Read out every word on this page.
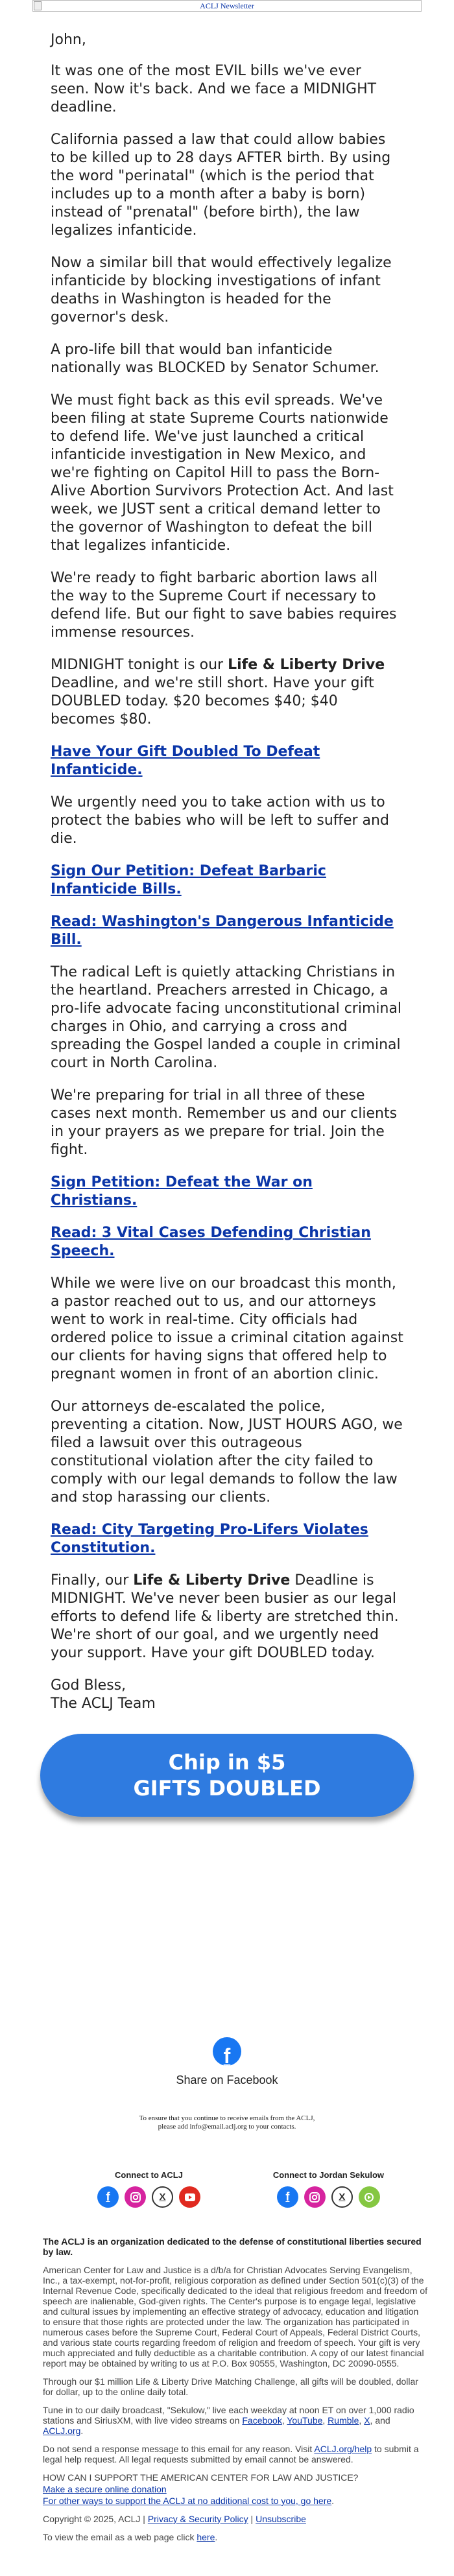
ACLJ Newsletter

John,

It was one of the most EVIL bills we've ever seen. Now it's back. And we face a MIDNIGHT deadline.

California passed a law that could allow babies to be killed up to 28 days AFTER birth. By using the word "perinatal" (which is the period that includes up to a month after a baby is born) instead of "prenatal" (before birth), the law legalizes infanticide.

Now a similar bill that would effectively legalize infanticide by blocking investigations of infant deaths in Washington is headed for the governor's desk.

A pro-life bill that would ban infanticide nationally was BLOCKED by Senator Schumer.

We must fight back as this evil spreads. We've been filing at state Supreme Courts nationwide to defend life. We've just launched a critical infanticide investigation in New Mexico, and we're fighting on Capitol Hill to pass the Born-Alive Abortion Survivors Protection Act. And last week, we JUST sent a critical demand letter to the governor of Washington to defeat the bill that legalizes infanticide.

We're ready to fight barbaric abortion laws all the way to the Supreme Court if necessary to defend life. But our fight to save babies requires immense resources.

MIDNIGHT tonight is our Life & Liberty Drive Deadline, and we're still short. Have your gift DOUBLED today. $20 becomes $40; $40 becomes $80.

Have Your Gift Doubled To Defeat Infanticide.

We urgently need you to take action with us to protect the babies who will be left to suffer and die.

Sign Our Petition: Defeat Barbaric Infanticide Bills.

Read: Washington's Dangerous Infanticide Bill.

The radical Left is quietly attacking Christians in the heartland. Preachers arrested in Chicago, a pro-life advocate facing unconstitutional criminal charges in Ohio, and carrying a cross and spreading the Gospel landed a couple in criminal court in North Carolina.

We're preparing for trial in all three of these cases next month. Remember us and our clients in your prayers as we prepare for trial. Join the fight.

Sign Petition: Defeat the War on Christians.

Read: 3 Vital Cases Defending Christian Speech.

While we were live on our broadcast this month, a pastor reached out to us, and our attorneys went to work in real-time. City officials had ordered police to issue a criminal citation against our clients for having signs that offered help to pregnant women in front of an abortion clinic.

Our attorneys de-escalated the police, preventing a citation. Now, JUST HOURS AGO, we filed a lawsuit over this outrageous constitutional violation after the city failed to comply with our legal demands to follow the law and stop harassing our clients.

Read: City Targeting Pro-Lifers Violates Constitution.

Finally, our Life & Liberty Drive Deadline is MIDNIGHT. We've never been busier as our legal efforts to defend life & liberty are stretched thin. We're short of our goal, and we urgently need your support. Have your gift DOUBLED today.

God Bless,
The ACLJ Team

Chip in $5
GIFTS DOUBLED
f
Share on Facebook
To ensure that you continue to receive emails from the ACLJ,
please add info@email.aclj.org to your contacts.
Connect to ACLJ
f	X
Connect to Jordan Sekulow
f	X

The ACLJ is an organization dedicated to the defense of constitutional liberties secured by law.

American Center for Law and Justice is a d/b/a for Christian Advocates Serving Evangelism, Inc., a tax-exempt, not-for-profit, religious corporation as defined under Section 501(c)(3) of the Internal Revenue Code, specifically dedicated to the ideal that religious freedom and freedom of speech are inalienable, God-given rights. The Center's purpose is to engage legal, legislative and cultural issues by implementing an effective strategy of advocacy, education and litigation to ensure that those rights are protected under the law. The organization has participated in numerous cases before the Supreme Court, Federal Court of Appeals, Federal District Courts, and various state courts regarding freedom of religion and freedom of speech. Your gift is very much appreciated and fully deductible as a charitable contribution. A copy of our latest financial report may be obtained by writing to us at P.O. Box 90555, Washington, DC 20090-0555.

Through our $1 million Life & Liberty Drive Matching Challenge, all gifts will be doubled, dollar for dollar, up to the online daily total.

Tune in to our daily broadcast, "Sekulow," live each weekday at noon ET on over 1,000 radio stations and SiriusXM, with live video streams on Facebook, YouTube, Rumble, X, and ACLJ.org.

Do not send a response message to this email for any reason. Visit ACLJ.org/help to submit a legal help request. All legal requests submitted by email cannot be answered.

HOW CAN I SUPPORT THE AMERICAN CENTER FOR LAW AND JUSTICE?

Make a secure online donation

For other ways to support the ACLJ at no additional cost to you, go here.

Copyright © 2025, ACLJ | Privacy & Security Policy | Unsubscribe

To view the email as a web page click here.
